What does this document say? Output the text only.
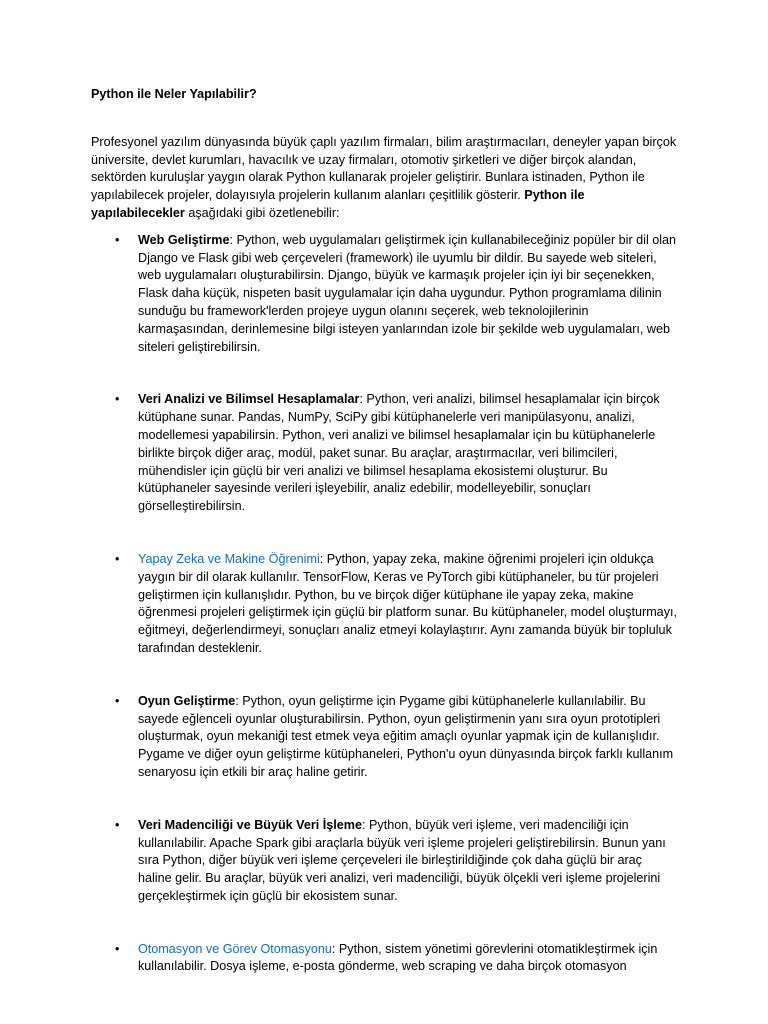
Python ile Neler Yapılabilir?

Profesyonel yazılım dünyasında büyük çaplı yazılım firmaları, bilim araştırmacıları, deneyler yapan birçok üniversite, devlet kurumları, havacılık ve uzay firmaları, otomotiv şirketleri ve diğer birçok alandan, sektörden kuruluşlar yaygın olarak Python kullanarak projeler geliştirir. Bunlara istinaden, Python ile yapılabilecek projeler, dolayısıyla projelerin kullanım alanları çeşitlilik gösterir. Python ile yapılabilecekler aşağıdaki gibi özetlenebilir:

• Web Geliştirme: Python, web uygulamaları geliştirmek için kullanabileceğiniz popüler bir dil olan Django ve Flask gibi web çerçeveleri (framework) ile uyumlu bir dildir. Bu sayede web siteleri, web uygulamaları oluşturabilirsin. Django, büyük ve karmaşık projeler için iyi bir seçenekken, Flask daha küçük, nispeten basit uygulamalar için daha uygundur. Python programlama dilinin sunduğu bu framework'lerden projeye uygun olanını seçerek, web teknolojilerinin karmaşasından, derinlemesine bilgi isteyen yanlarından izole bir şekilde web uygulamaları, web siteleri geliştirebilirsin.
• Veri Analizi ve Bilimsel Hesaplamalar: Python, veri analizi, bilimsel hesaplamalar için birçok kütüphane sunar. Pandas, NumPy, SciPy gibi kütüphanelerle veri manipülasyonu, analizi, modellemesi yapabilirsin. Python, veri analizi ve bilimsel hesaplamalar için bu kütüphanelerle birlikte birçok diğer araç, modül, paket sunar. Bu araçlar, araştırmacılar, veri bilimcileri, mühendisler için güçlü bir veri analizi ve bilimsel hesaplama ekosistemi oluşturur. Bu kütüphaneler sayesinde verileri işleyebilir, analiz edebilir, modelleyebilir, sonuçları görselleştirebilirsin.
• Yapay Zeka ve Makine Öğrenimi: Python, yapay zeka, makine öğrenimi projeleri için oldukça yaygın bir dil olarak kullanılır. TensorFlow, Keras ve PyTorch gibi kütüphaneler, bu tür projeleri geliştirmen için kullanışlıdır. Python, bu ve birçok diğer kütüphane ile yapay zeka, makine öğrenmesi projeleri geliştirmek için güçlü bir platform sunar. Bu kütüphaneler, model oluşturmayı, eğitmeyi, değerlendirmeyi, sonuçları analiz etmeyi kolaylaştırır. Aynı zamanda büyük bir topluluk tarafından desteklenir.
• Oyun Geliştirme: Python, oyun geliştirme için Pygame gibi kütüphanelerle kullanılabilir. Bu sayede eğlenceli oyunlar oluşturabilirsin. Python, oyun geliştirmenin yanı sıra oyun prototipleri oluşturmak, oyun mekaniği test etmek veya eğitim amaçlı oyunlar yapmak için de kullanışlıdır. Pygame ve diğer oyun geliştirme kütüphaneleri, Python'u oyun dünyasında birçok farklı kullanım senaryosu için etkili bir araç haline getirir.
• Veri Madenciliği ve Büyük Veri İşleme: Python, büyük veri işleme, veri madenciliği için kullanılabilir. Apache Spark gibi araçlarla büyük veri işleme projeleri geliştirebilirsin. Bunun yanı sıra Python, diğer büyük veri işleme çerçeveleri ile birleştirildiğinde çok daha güçlü bir araç haline gelir. Bu araçlar, büyük veri analizi, veri madenciliği, büyük ölçekli veri işleme projelerini gerçekleştirmek için güçlü bir ekosistem sunar.
• Otomasyon ve Görev Otomasyonu: Python, sistem yönetimi görevlerini otomatikleştirmek için kullanılabilir. Dosya işleme, e-posta gönderme, web scraping ve daha birçok otomasyon
